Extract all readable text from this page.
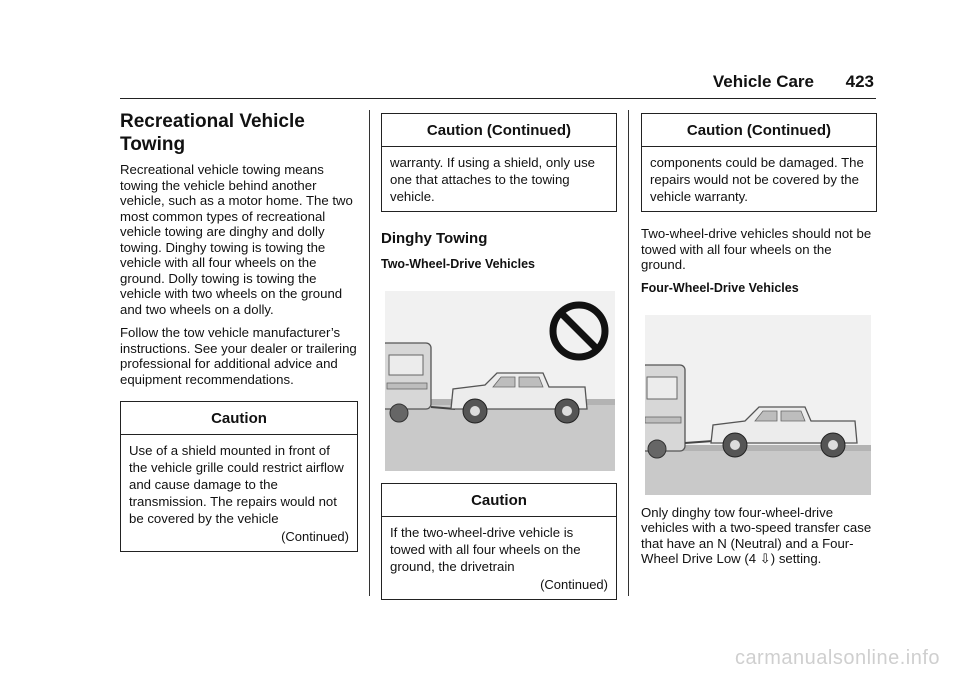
Vehicle Care 423
Recreational Vehicle Towing

Recreational vehicle towing means towing the vehicle behind another vehicle, such as a motor home. The two most common types of recreational vehicle towing are dinghy and dolly towing. Dinghy towing is towing the vehicle with all four wheels on the ground. Dolly towing is towing the vehicle with two wheels on the ground and two wheels on a dolly.

Follow the tow vehicle manufacturer’s instructions. See your dealer or trailering professional for additional advice and equipment recommendations.

Caution
Use of a shield mounted in front of the vehicle grille could restrict airflow and cause damage to the transmission. The repairs would not be covered by the vehicle
(Continued)
Caution (Continued)
warranty. If using a shield, only use one that attaches to the towing vehicle.
Dinghy Towing
Two-Wheel-Drive Vehicles
Caution
If the two-wheel-drive vehicle is towed with all four wheels on the ground, the drivetrain
(Continued)
Caution (Continued)
components could be damaged. The repairs would not be covered by the vehicle warranty.

Two-wheel-drive vehicles should not be towed with all four wheels on the ground.

Four-Wheel-Drive Vehicles

Only dinghy tow four-wheel-drive vehicles with a two-speed transfer case that have an N (Neutral) and a Four-Wheel Drive Low (4 ⇩) setting.

carmanualsonline.info
